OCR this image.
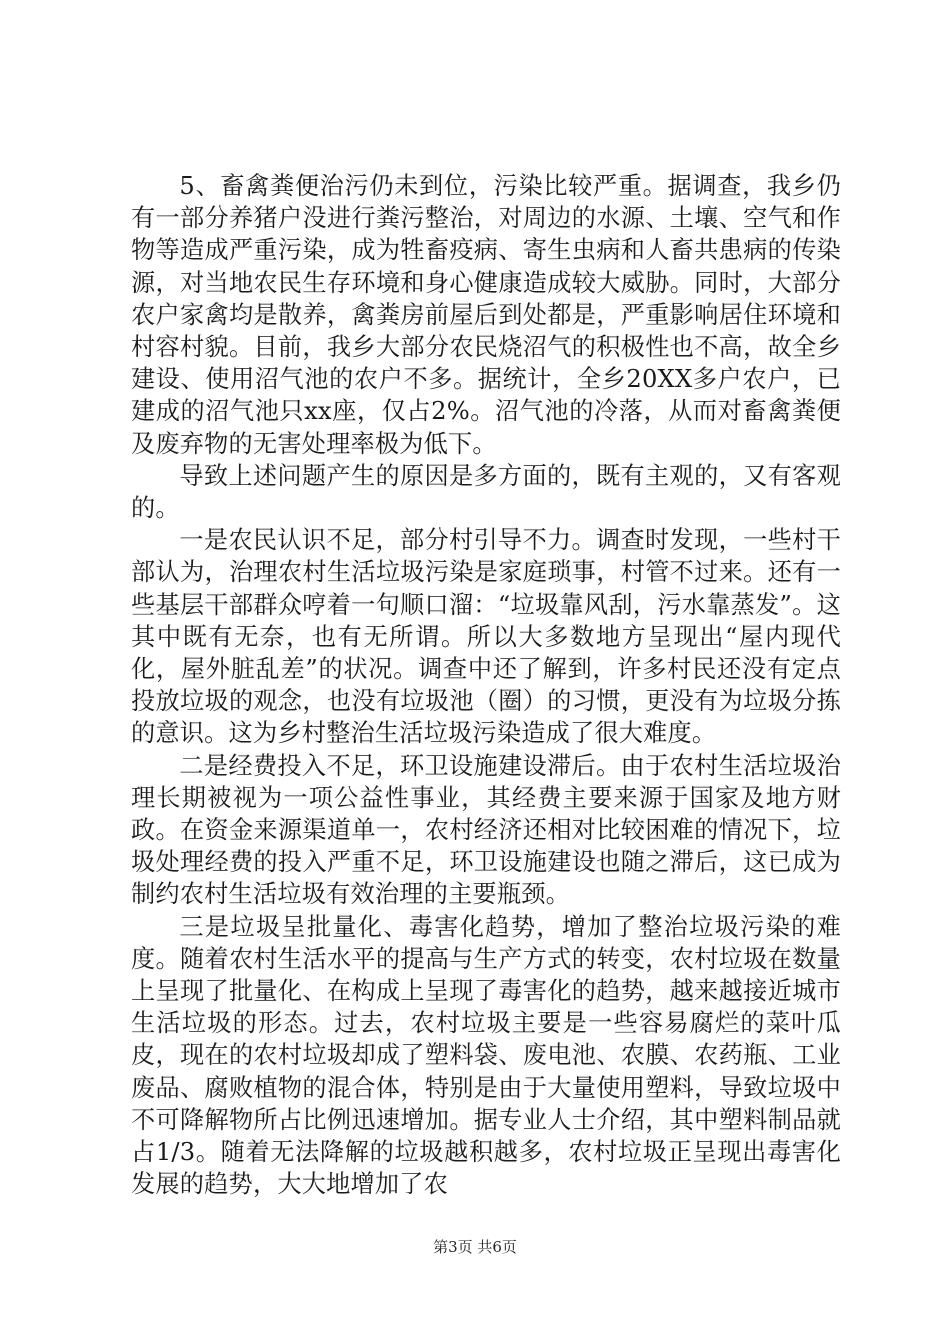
5、畜禽粪便治污仍未到位，污染比较严重。据调查，我乡仍有一部分养猪户没进行粪污整治，对周边的水源、土壤、空气和作物等造成严重污染，成为牲畜疫病、寄生虫病和人畜共患病的传染源，对当地农民生存环境和身心健康造成较大威胁。同时，大部分农户家禽均是散养，禽粪房前屋后到处都是，严重影响居住环境和村容村貌。目前，我乡大部分农民烧沼气的积极性也不高，故全乡建设、使用沼气池的农户不多。据统计，全乡20XX多户农户，已建成的沼气池只xx座，仅占2%。沼气池的冷落，从而对畜禽粪便及废弃物的无害处理率极为低下。

导致上述问题产生的原因是多方面的，既有主观的，又有客观的。

一是农民认识不足，部分村引导不力。调查时发现，一些村干部认为，治理农村生活垃圾污染是家庭琐事，村管不过来。还有一些基层干部群众哼着一句顺口溜：“垃圾靠风刮，污水靠蒸发”。这其中既有无奈，也有无所谓。所以大多数地方呈现出“屋内现代化，屋外脏乱差”的状况。调查中还了解到，许多村民还没有定点投放垃圾的观念，也没有垃圾池（圈）的习惯，更没有为垃圾分拣的意识。这为乡村整治生活垃圾污染造成了很大难度。

二是经费投入不足，环卫设施建设滞后。由于农村生活垃圾治理长期被视为一项公益性事业，其经费主要来源于国家及地方财政。在资金来源渠道单一，农村经济还相对比较困难的情况下，垃圾处理经费的投入严重不足，环卫设施建设也随之滞后，这已成为制约农村生活垃圾有效治理的主要瓶颈。

三是垃圾呈批量化、毒害化趋势，增加了整治垃圾污染的难度。随着农村生活水平的提高与生产方式的转变，农村垃圾在数量上呈现了批量化、在构成上呈现了毒害化的趋势，越来越接近城市生活垃圾的形态。过去，农村垃圾主要是一些容易腐烂的菜叶瓜皮，现在的农村垃圾却成了塑料袋、废电池、农膜、农药瓶、工业废品、腐败植物的混合体，特别是由于大量使用塑料，导致垃圾中不可降解物所占比例迅速增加。据专业人士介绍，其中塑料制品就占1/3。随着无法降解的垃圾越积越多，农村垃圾正呈现出毒害化发展的趋势，大大地增加了农

第3页 共6页
